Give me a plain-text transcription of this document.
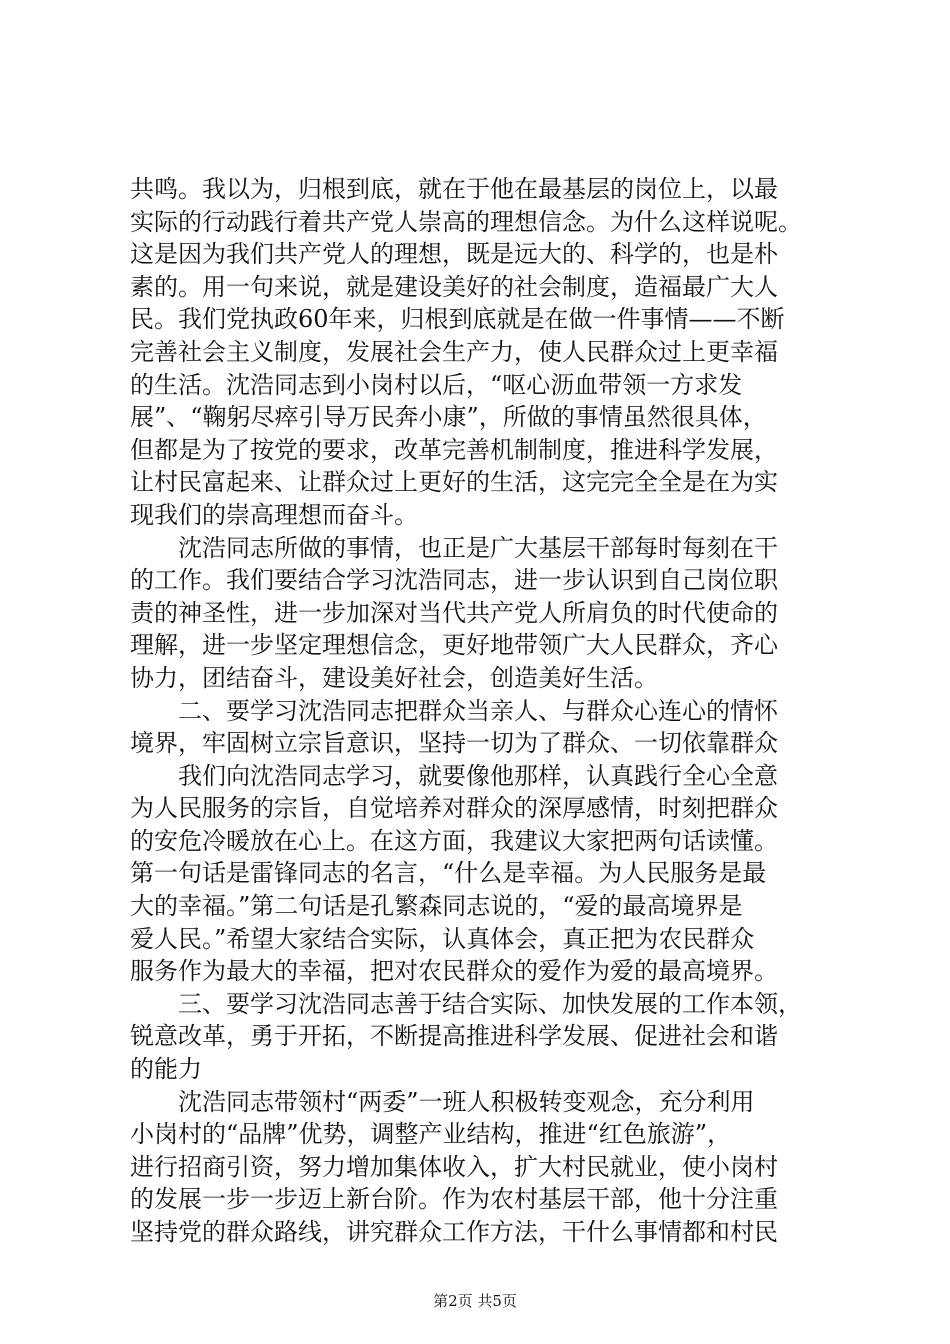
共鸣。我以为，归根到底，就在于他在最基层的岗位上，以最
实际的行动践行着共产党人崇高的理想信念。为什么这样说呢。
这是因为我们共产党人的理想，既是远大的、科学的，也是朴
素的。用一句来说，就是建设美好的社会制度，造福最广大人
民。我们党执政60年来，归根到底就是在做一件事情——不断
完善社会主义制度，发展社会生产力，使人民群众过上更幸福
的生活。沈浩同志到小岗村以后，“呕心沥血带领一方求发
展”、“鞠躬尽瘁引导万民奔小康”，所做的事情虽然很具体，
但都是为了按党的要求，改革完善机制制度，推进科学发展，
让村民富起来、让群众过上更好的生活，这完完全全是在为实
现我们的崇高理想而奋斗。
　　沈浩同志所做的事情，也正是广大基层干部每时每刻在干
的工作。我们要结合学习沈浩同志，进一步认识到自己岗位职
责的神圣性，进一步加深对当代共产党人所肩负的时代使命的
理解，进一步坚定理想信念，更好地带领广大人民群众，齐心
协力，团结奋斗，建设美好社会，创造美好生活。
　　二、要学习沈浩同志把群众当亲人、与群众心连心的情怀
境界，牢固树立宗旨意识，坚持一切为了群众、一切依靠群众
　　我们向沈浩同志学习，就要像他那样，认真践行全心全意
为人民服务的宗旨，自觉培养对群众的深厚感情，时刻把群众
的安危冷暖放在心上。在这方面，我建议大家把两句话读懂。
第一句话是雷锋同志的名言，“什么是幸福。为人民服务是最
大的幸福。”第二句话是孔繁森同志说的，“爱的最高境界是
爱人民。”希望大家结合实际，认真体会，真正把为农民群众
服务作为最大的幸福，把对农民群众的爱作为爱的最高境界。
　　三、要学习沈浩同志善于结合实际、加快发展的工作本领，
锐意改革，勇于开拓，不断提高推进科学发展、促进社会和谐
的能力
　　沈浩同志带领村“两委”一班人积极转变观念，充分利用
小岗村的“品牌”优势，调整产业结构，推进“红色旅游”，
进行招商引资，努力增加集体收入，扩大村民就业，使小岗村
的发展一步一步迈上新台阶。作为农村基层干部，他十分注重
坚持党的群众路线，讲究群众工作方法，干什么事情都和村民
第2页 共5页
